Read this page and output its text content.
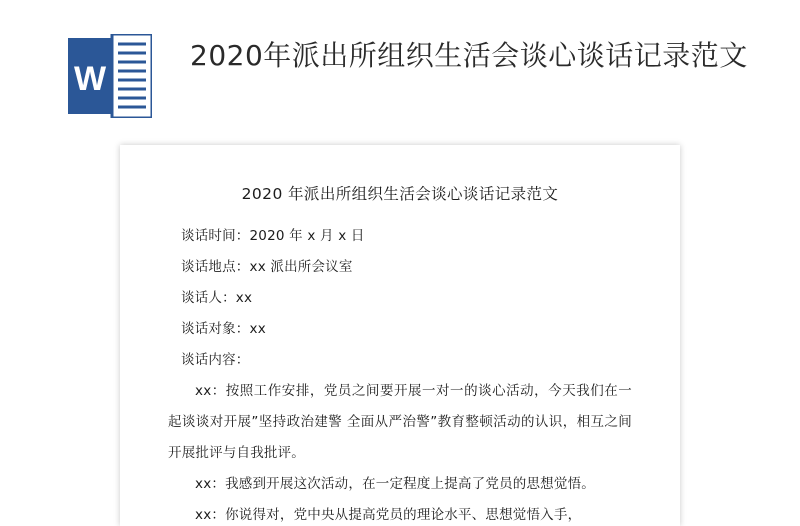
W
2020年派出所组织生活会谈心谈话记录范文
2020 年派出所组织生活会谈心谈话记录范文

谈话时间：2020 年 x 月 x 日

谈话地点：xx 派出所会议室

谈话人：xx

谈话对象：xx

谈话内容：

xx：按照工作安排，党员之间要开展一对一的谈心活动，今天我们在一起谈谈对开展”坚持政治建警 全面从严治警”教育整顿活动的认识，相互之间开展批评与自我批评。

xx：我感到开展这次活动，在一定程度上提高了党员的思想觉悟。

xx：你说得对，党中央从提高党员的理论水平、思想觉悟入手，
